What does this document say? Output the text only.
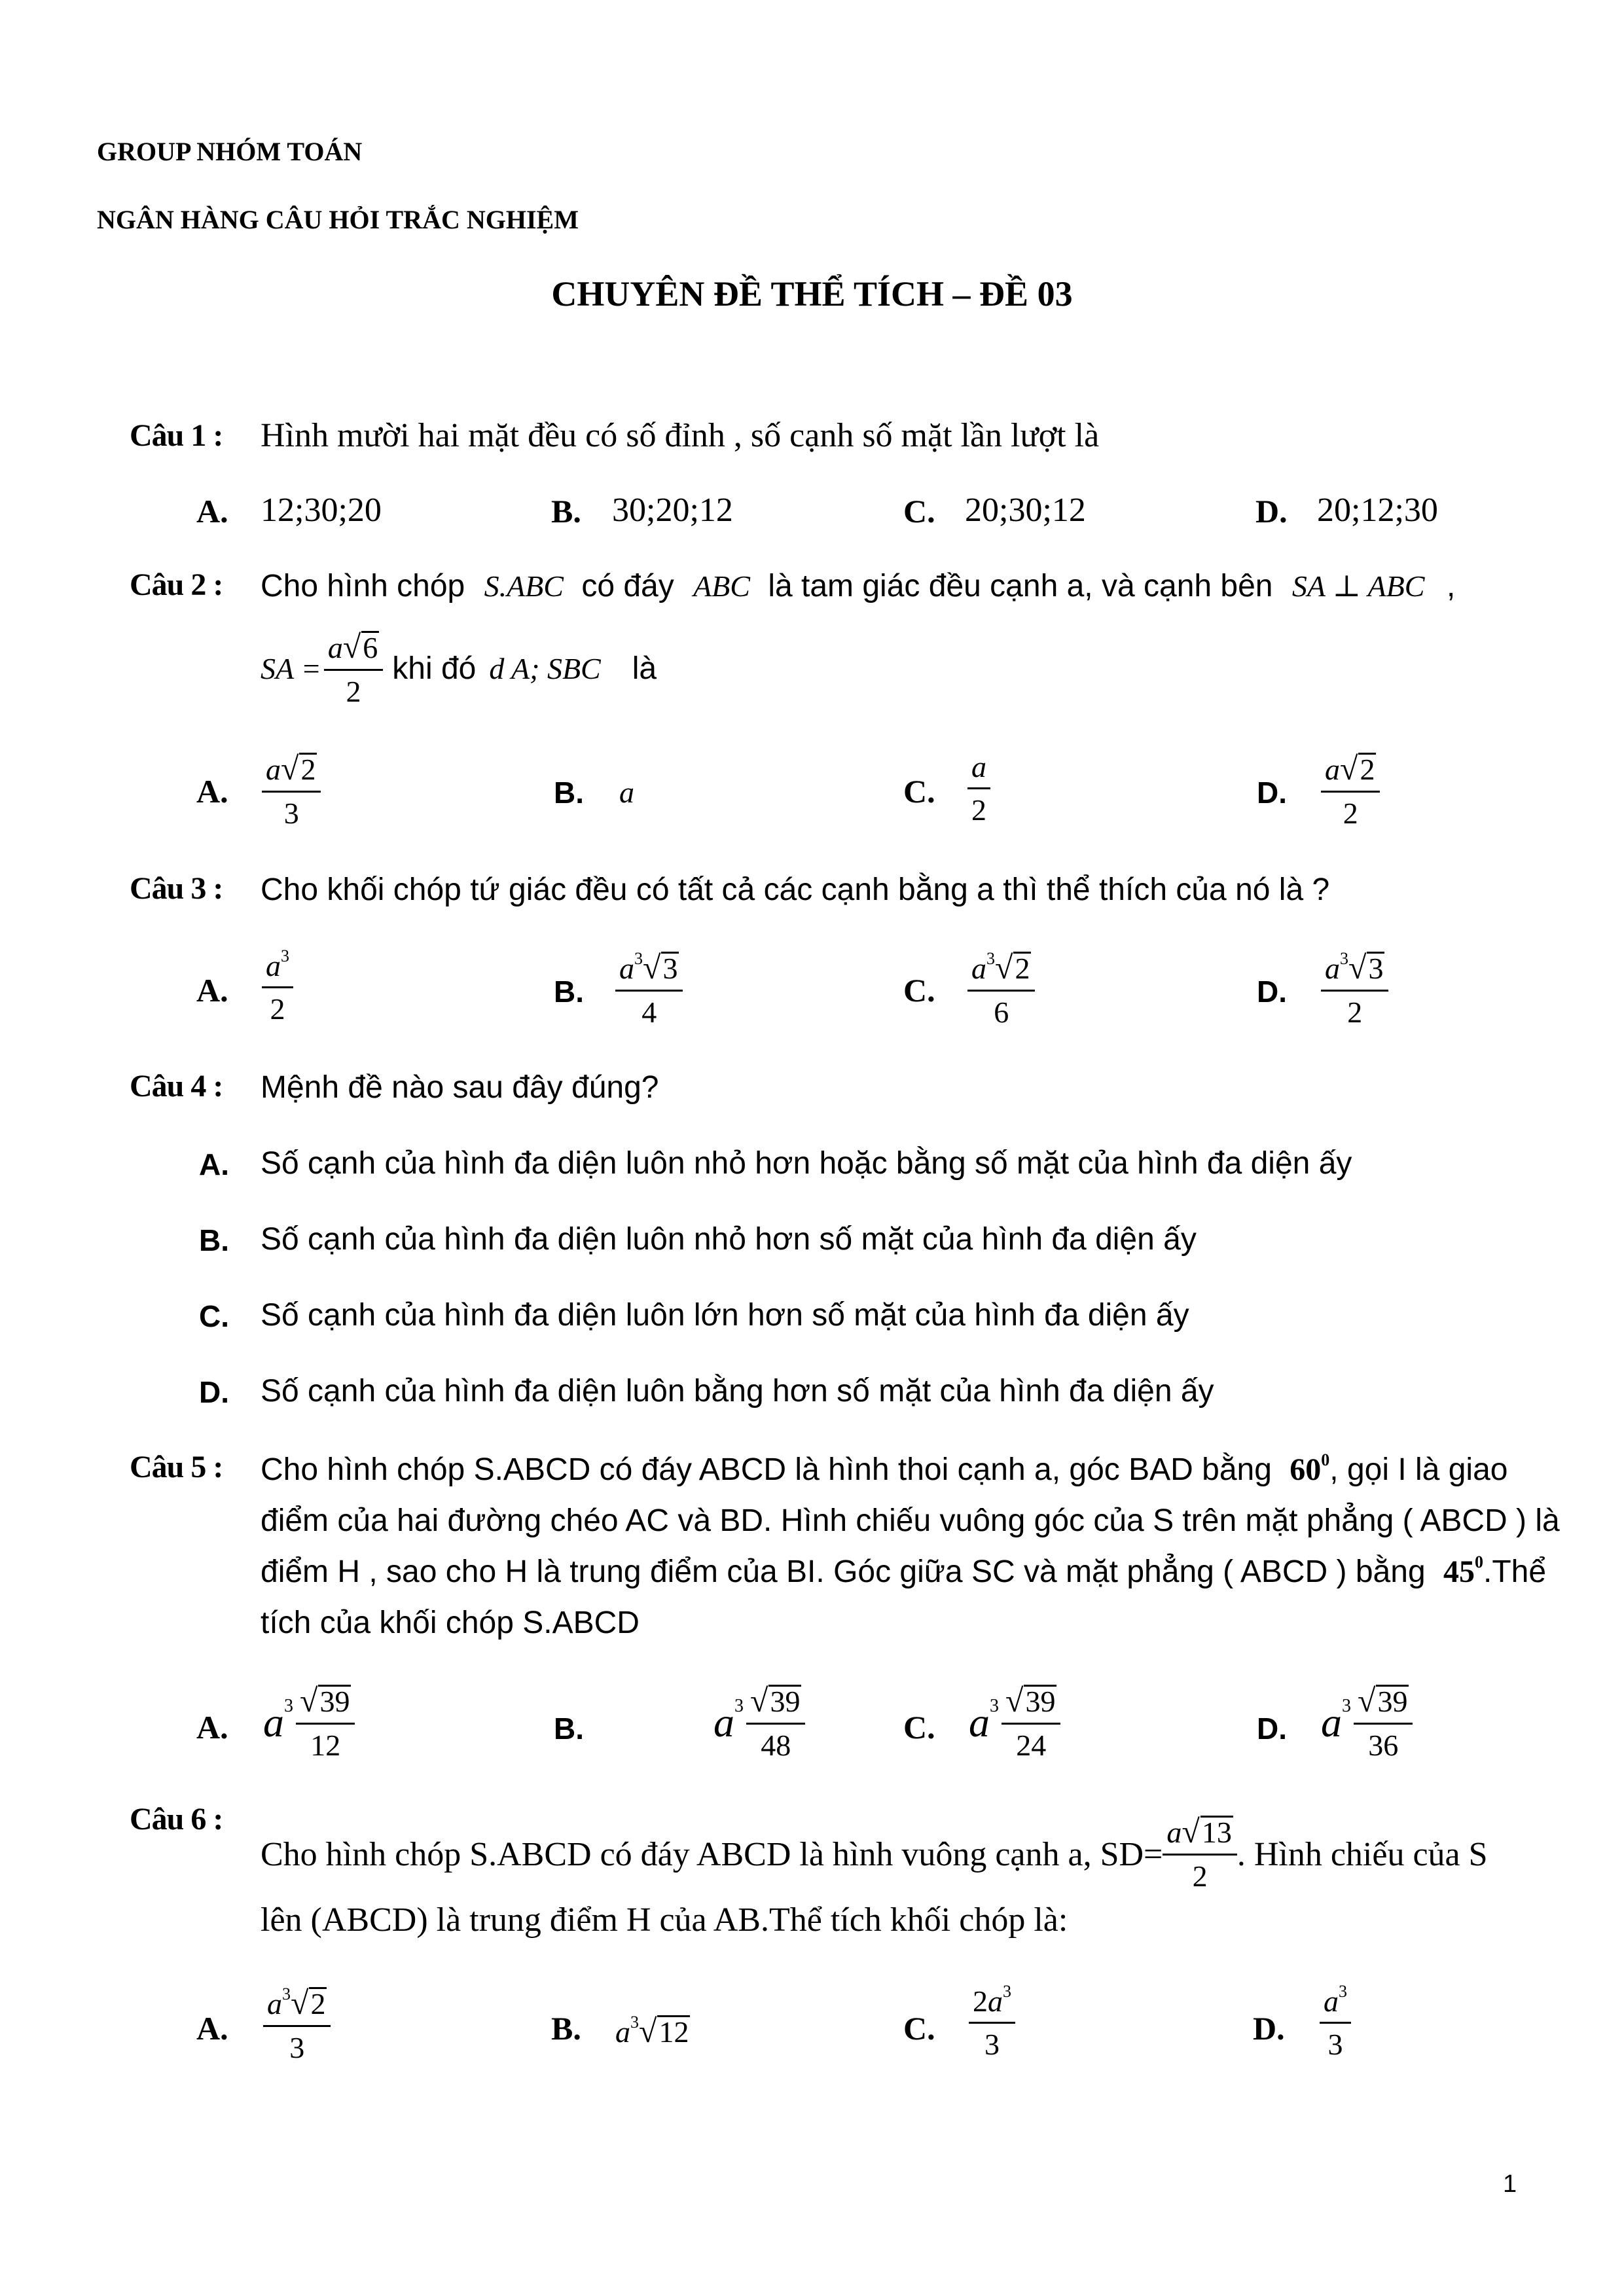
GROUP NHÓM TOÁN
NGÂN HÀNG CÂU HỎI TRẮC NGHIỆM
CHUYÊN ĐỀ THỂ TÍCH – ĐỀ 03
Câu 1 : Hình mười hai mặt đều có số đỉnh , số cạnh số mặt lần lượt là
A. 12;30;20	B. 30;20;12	C. 20;30;12	D. 20;12;30
Câu 2 : Cho hình chóp S.ABC có đáy ABC là tam giác đều cạnh a, và cạnh bên SA ⊥ ABC ,
SA = $\frac{a√6}{2}$ khi đó d A; SBC là
A. $\frac{a√2}{3}$	B. a	C. $\frac{a}{2}$	D. $\frac{a√2}{2}$
Câu 3 : Cho khối chóp tứ giác đều có tất cả các cạnh bằng a thì thể thích của nó là ?
A. $\frac{a^3}{2}$	B. $\frac{a^3√3}{4}$	C. $\frac{a^3√2}{6}$	D. $\frac{a^3√3}{2}$
Câu 4 : Mệnh đề nào sau đây đúng?
A. Số cạnh của hình đa diện luôn nhỏ hơn hoặc bằng số mặt của hình đa diện ấy
B. Số cạnh của hình đa diện luôn nhỏ hơn số mặt của hình đa diện ấy
C. Số cạnh của hình đa diện luôn lớn hơn số mặt của hình đa diện ấy
D. Số cạnh của hình đa diện luôn bằng hơn số mặt của hình đa diện ấy
Câu 5 : Cho hình chóp S.ABCD có đáy ABCD là hình thoi cạnh a, góc BAD bằng $60^0$, gọi I là giao
điểm của hai đường chéo AC và BD. Hình chiếu vuông góc của S trên mặt phẳng ( ABCD ) là
điểm H , sao cho H là trung điểm của BI. Góc giữa SC và mặt phẳng ( ABCD ) bằng $45^0.Thể$
tích của khối chóp S.ABCD
A. $a^3 \frac{√39}{12}$	B.	$a^3 \frac{√39}{48}$	C. $a^3 \frac{√39}{24}$	D. $a^3 \frac{√39}{36}$
Câu 6 :
Cho hình chóp S.ABCD có đáy ABCD là hình vuông cạnh a, $SD= \frac{a√13}{2}$ . Hình chiếu của S
lên (ABCD) là trung điểm H của AB.Thể tích khối chóp là:
A. $\frac{a^3√2}{3}$	B. $a^3√12$	C. $\frac{2a^3}{3}$	D. $\frac{a^3}{3}$
1
